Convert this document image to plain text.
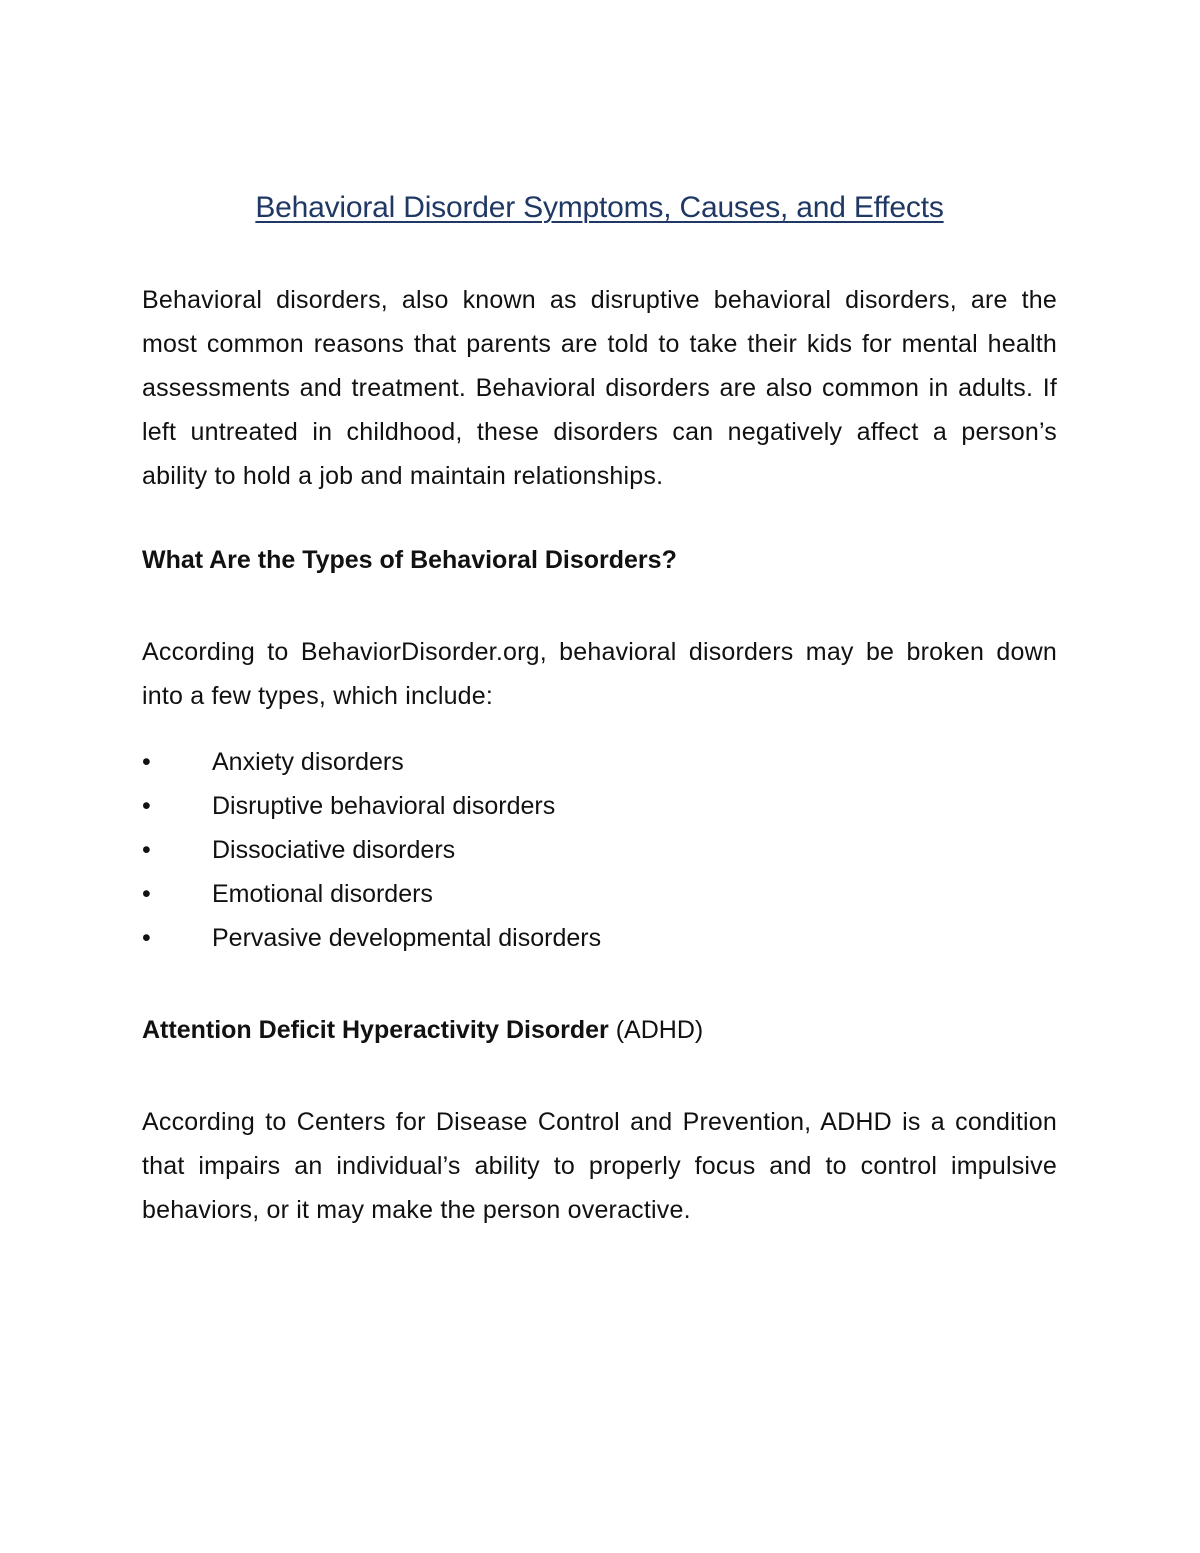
Behavioral Disorder Symptoms, Causes, and Effects

Behavioral disorders, also known as disruptive behavioral disorders, are the most common reasons that parents are told to take their kids for mental health assessments and treatment. Behavioral disorders are also common in adults. If left untreated in childhood, these disorders can negatively affect a person’s ability to hold a job and maintain relationships.

What Are the Types of Behavioral Disorders?

According to BehaviorDisorder.org, behavioral disorders may be broken down into a few types, which include:

•	Anxiety disorders
•	Disruptive behavioral disorders
•	Dissociative disorders
•	Emotional disorders
•	Pervasive developmental disorders
Attention Deficit Hyperactivity Disorder (ADHD)

According to Centers for Disease Control and Prevention, ADHD is a condition that impairs an individual’s ability to properly focus and to control impulsive behaviors, or it may make the person overactive.
